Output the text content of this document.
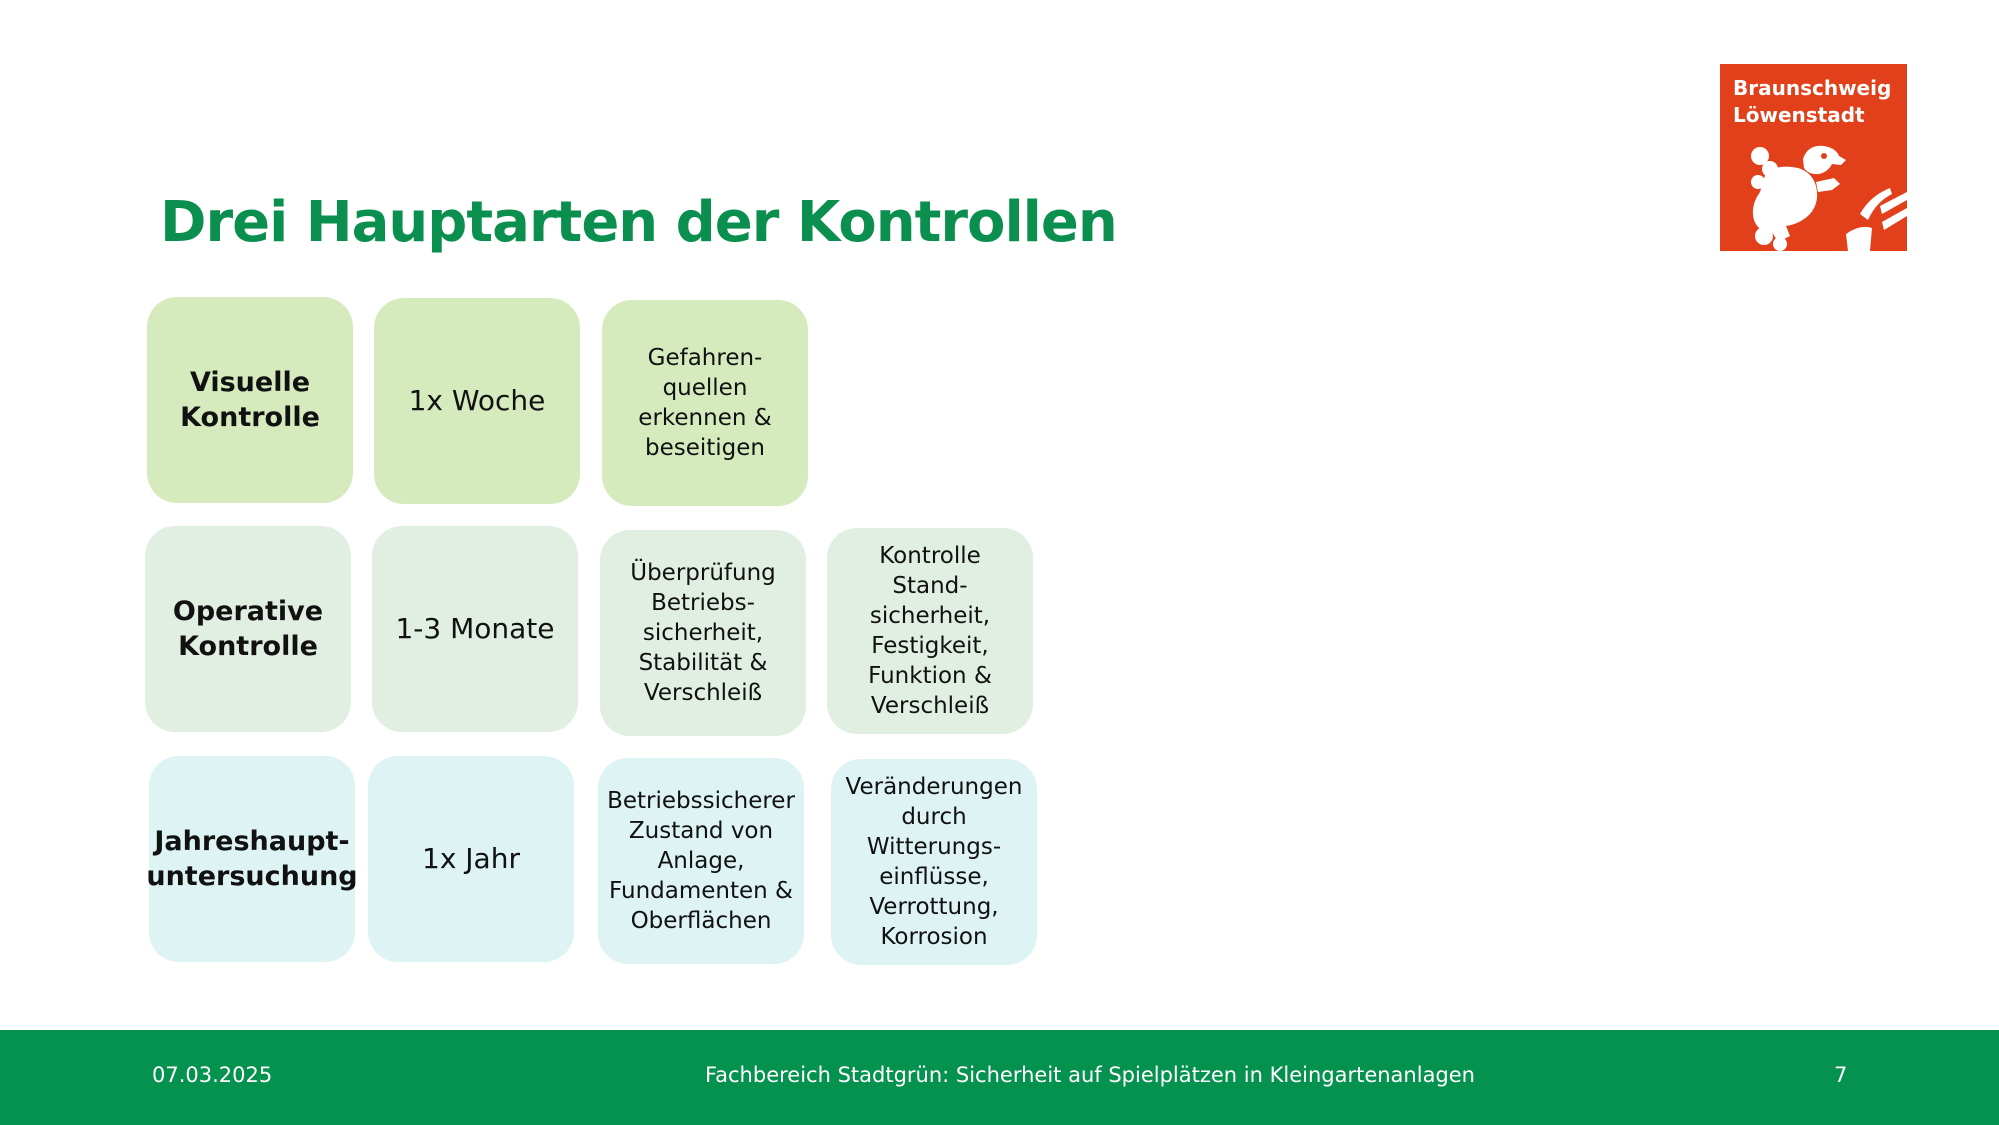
Drei Hauptarten der Kontrollen
Braunschweig
Löwenstadt
Visuelle
Kontrolle
1x Woche
Gefahren-
quellen
erkennen &
beseitigen
Operative
Kontrolle
1-3 Monate
Überprüfung
Betriebs-
sicherheit,
Stabilität &
Verschleiß
Kontrolle
Stand-
sicherheit,
Festigkeit,
Funktion &
Verschleiß
Jahreshaupt-
untersuchung
1x Jahr
Betriebssicherer
Zustand von
Anlage,
Fundamenten &
Oberflächen
Veränderungen
durch
Witterungs-
einflüsse,
Verrottung,
Korrosion
07.03.2025	Fachbereich Stadtgrün: Sicherheit auf Spielplätzen in Kleingartenanlagen	7
